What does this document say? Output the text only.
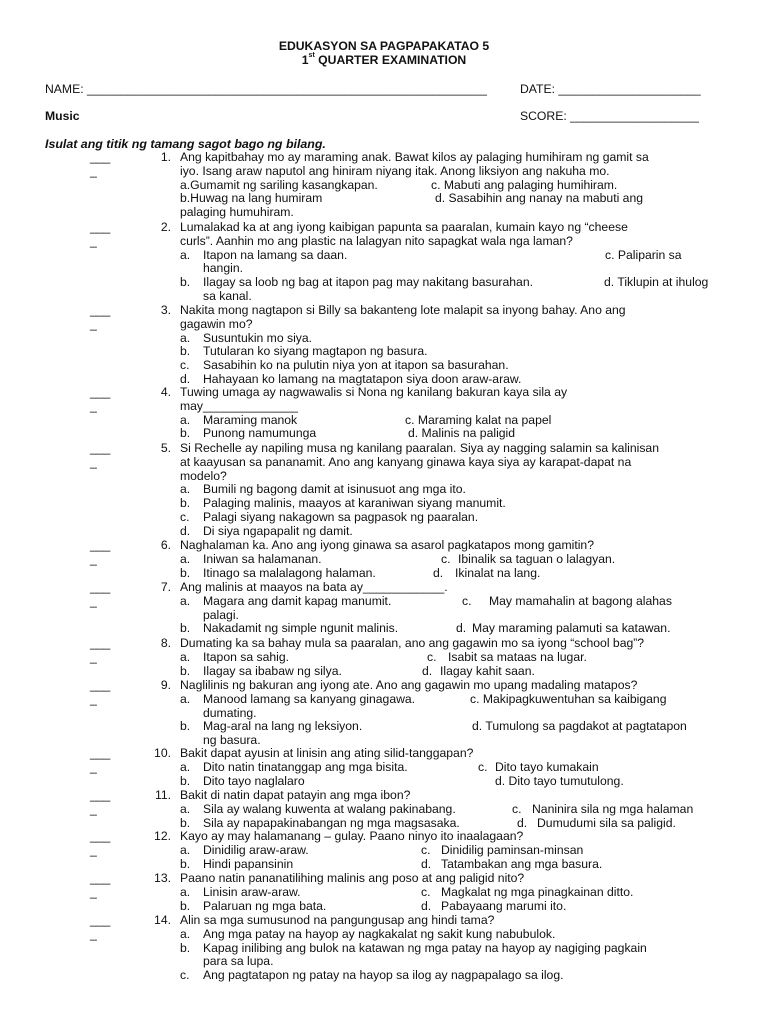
EDUKASYON SA PAGPAPAKATAO 5
1st QUARTER EXAMINATION
NAME: ___________________________________________________________	DATE: _____________________
Music	SCORE: ___________________
Isulat ang titik ng tamang sagot bago ng bilang.
___
_
1. Ang kapitbahay mo ay maraming anak. Bawat kilos ay palaging humihiram ng gamit sa
iyo. Isang araw naputol ang hiniram niyang itak. Anong liksiyon ang nakuha mo.
a.Gumamit ng sariling kasangkapan.	c. Mabuti ang palaging humihiram.
b.Huwag na lang humiram	d. Sasabihin ang nanay na mabuti ang
palaging humuhiram.
___
_
2. Lumalakad ka at ang iyong kaibigan papunta sa paaralan, kumain kayo ng “cheese
curls”. Aanhin mo ang plastic na lalagyan nito sapagkat wala nga laman?
a. Itapon na lamang sa daan.	c. Paliparin sa
hangin.
b. Ilagay sa loob ng bag at itapon pag may nakitang basurahan.	d. Tiklupin at ihulog
sa kanal.
___
_
3. Nakita mong nagtapon si Billy sa bakanteng lote malapit sa inyong bahay. Ano ang
gagawin mo?
a. Susuntukin mo siya.
b. Tutularan ko siyang magtapon ng basura.
c. Sasabihin ko na pulutin niya yon at itapon sa basurahan.
d. Hahayaan ko lamang na magtatapon siya doon araw-araw.
___
_
4. Tuwing umaga ay nagwawalis si Nona ng kanilang bakuran kaya sila ay
may______________
a. Maraming manok	c. Maraming kalat na papel
b. Punong namumunga	d. Malinis na paligid
___
_
5. Si Rechelle ay napiling musa ng kanilang paaralan. Siya ay nagging salamin sa kalinisan
at kaayusan sa pananamit. Ano ang kanyang ginawa kaya siya ay karapat-dapat na
modelo?
a. Bumili ng bagong damit at isinusuot ang mga ito.
b. Palaging malinis, maayos at karaniwan siyang manumit.
c. Palagi siyang nakagown sa pagpasok ng paaralan.
d. Di siya ngapapalit ng damit.
___
_
6. Naghalaman ka. Ano ang iyong ginawa sa asarol pagkatapos mong gamitin?
a. Iniwan sa halamanan.	c. Ibinalik sa taguan o lalagyan.
b. Itinago sa malalagong halaman.	d. Ikinalat na lang.
___
_
7. Ang malinis at maayos na bata ay____________.
a. Magara ang damit kapag manumit.	c. May mamahalin at bagong alahas
palagi.
b. Nakadamit ng simple ngunit malinis.	d. May maraming palamuti sa katawan.
___
_
8. Dumating ka sa bahay mula sa paaralan, ano ang gagawin mo sa iyong “school bag”?
a. Itapon sa sahig.	c. Isabit sa mataas na lugar.
b. Ilagay sa ibabaw ng silya.	d. Ilagay kahit saan.
___
_
9. Naglilinis ng bakuran ang iyong ate. Ano ang gagawin mo upang madaling matapos?
a. Manood lamang sa kanyang ginagawa.	c. Makipagkuwentuhan sa kaibigang
dumating.
b. Mag-aral na lang ng leksiyon.	d. Tumulong sa pagdakot at pagtatapon
ng basura.
___
_
10. Bakit dapat ayusin at linisin ang ating silid-tanggapan?
a. Dito natin tinatanggap ang mga bisita.	c. Dito tayo kumakain
b. Dito tayo naglalaro	d. Dito tayo tumutulong.
___
_
11. Bakit di natin dapat patayin ang mga ibon?
a. Sila ay walang kuwenta at walang pakinabang.	c. Naninira sila ng mga halaman
b. Sila ay napapakinabangan ng mga magsasaka.	d. Dumudumi sila sa paligid.
___
_
12. Kayo ay may halamanang – gulay. Paano ninyo ito inaalagaan?
a. Dinidilig araw-araw.	c. Dinidilig paminsan-minsan
b. Hindi papansinin	d. Tatambakan ang mga basura.
___
_
13. Paano natin pananatilihing malinis ang poso at ang paligid nito?
a. Linisin araw-araw.	c. Magkalat ng mga pinagkainan ditto.
b. Palaruan ng mga bata.	d. Pabayaang marumi ito.
___
_
14. Alin sa mga sumusunod na pangungusap ang hindi tama?
a. Ang mga patay na hayop ay nagkakalat ng sakit kung nabubulok.
b. Kapag inilibing ang bulok na katawan ng mga patay na hayop ay nagiging pagkain
para sa lupa.
c. Ang pagtatapon ng patay na hayop sa ilog ay nagpapalago sa ilog.
